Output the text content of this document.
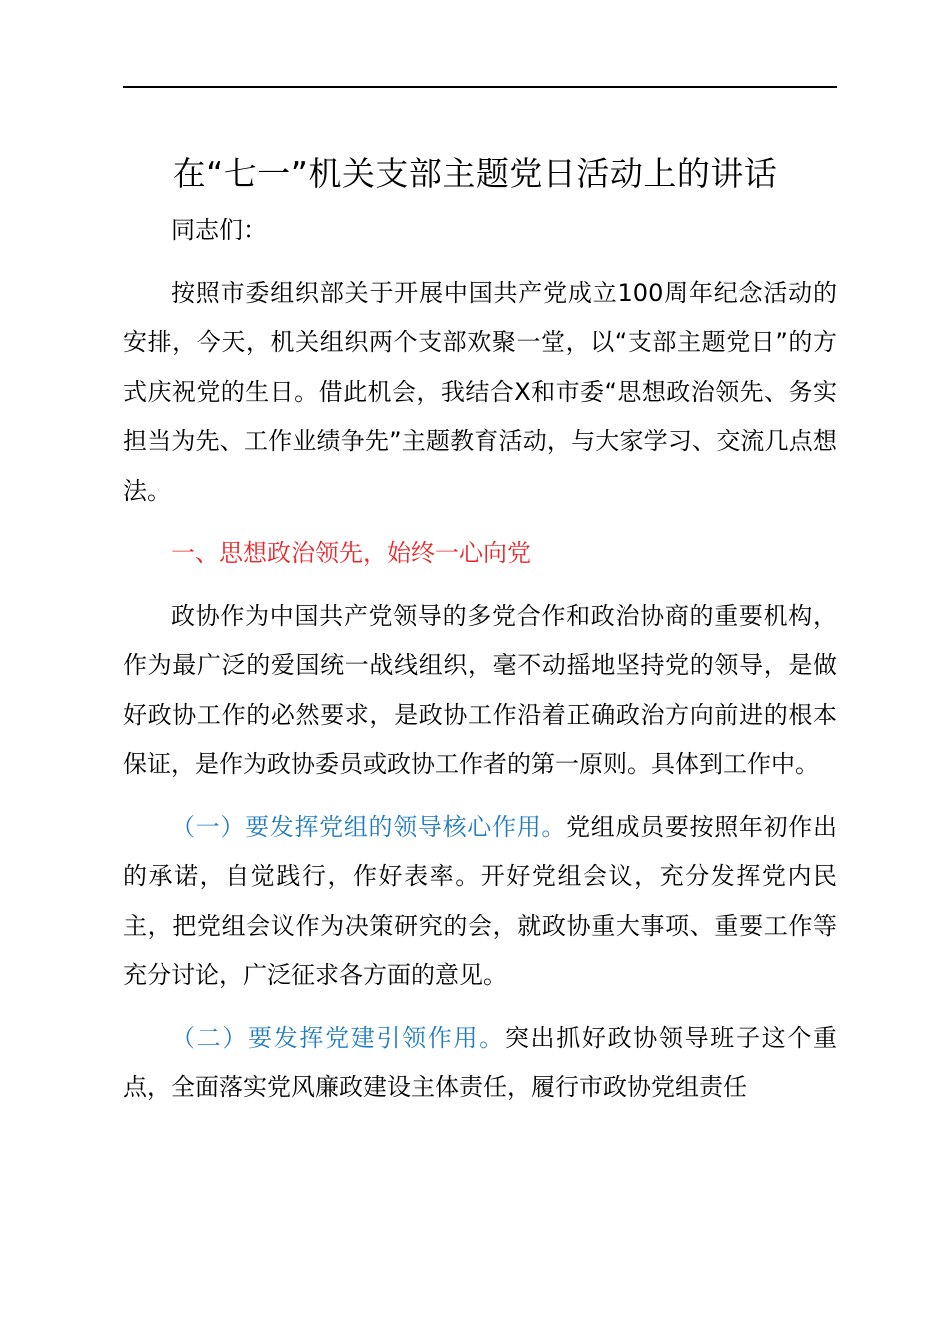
在“七一”机关支部主题党日活动上的讲话

同志们：

按照市委组织部关于开展中国共产党成立100周年纪念活动的安排，今天，机关组织两个支部欢聚一堂，以“支部主题党日”的方式庆祝党的生日。借此机会，我结合X和市委“思想政治领先、务实担当为先、工作业绩争先”主题教育活动，与大家学习、交流几点想法。

一、思想政治领先，始终一心向党

政协作为中国共产党领导的多党合作和政治协商的重要机构，作为最广泛的爱国统一战线组织，毫不动摇地坚持党的领导，是做好政协工作的必然要求，是政协工作沿着正确政治方向前进的根本保证，是作为政协委员或政协工作者的第一原则。具体到工作中。

（一）要发挥党组的领导核心作用。党组成员要按照年初作出的承诺，自觉践行，作好表率。开好党组会议，充分发挥党内民主，把党组会议作为决策研究的会，就政协重大事项、重要工作等充分讨论，广泛征求各方面的意见。

（二）要发挥党建引领作用。突出抓好政协领导班子这个重点，全面落实党风廉政建设主体责任，履行市政协党组责任
